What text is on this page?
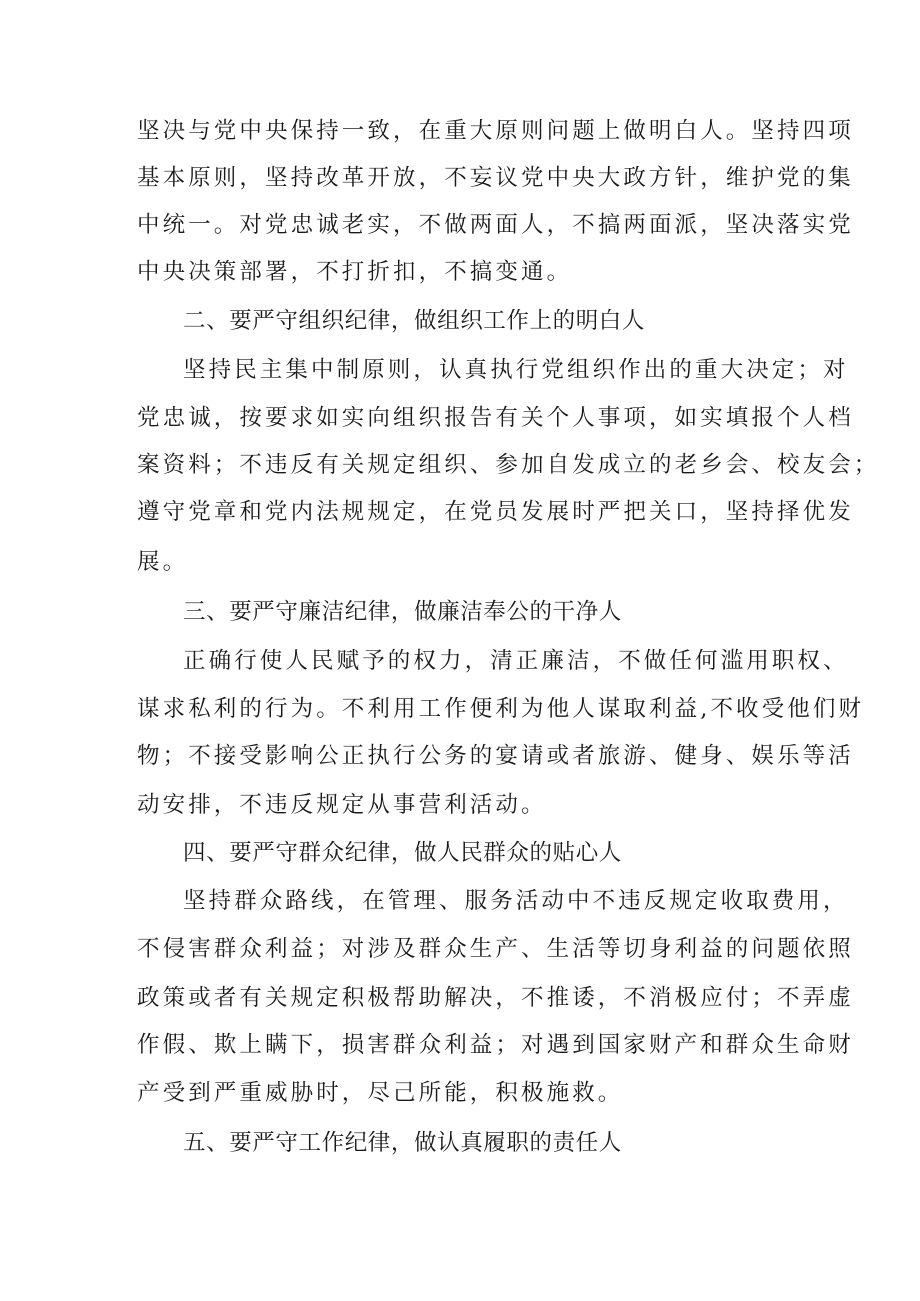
坚决与党中央保持一致，在重大原则问题上做明白人。坚持四项
基本原则，坚持改革开放，不妄议党中央大政方针，维护党的集
中统一。对党忠诚老实，不做两面人，不搞两面派，坚决落实党
中央决策部署，不打折扣，不搞变通。
二、要严守组织纪律，做组织工作上的明白人
坚持民主集中制原则，认真执行党组织作出的重大决定；对
党忠诚，按要求如实向组织报告有关个人事项，如实填报个人档
案资料；不违反有关规定组织、参加自发成立的老乡会、校友会；
遵守党章和党内法规规定，在党员发展时严把关口，坚持择优发
展。
三、要严守廉洁纪律，做廉洁奉公的干净人
正确行使人民赋予的权力，清正廉洁，不做任何滥用职权、
谋求私利的行为。不利用工作便利为他人谋取利益,不收受他们财
物；不接受影响公正执行公务的宴请或者旅游、健身、娱乐等活
动安排，不违反规定从事营利活动。
四、要严守群众纪律，做人民群众的贴心人
坚持群众路线，在管理、服务活动中不违反规定收取费用，
不侵害群众利益；对涉及群众生产、生活等切身利益的问题依照
政策或者有关规定积极帮助解决，不推诿，不消极应付；不弄虚
作假、欺上瞒下，损害群众利益；对遇到国家财产和群众生命财
产受到严重威胁时，尽己所能，积极施救。
五、要严守工作纪律，做认真履职的责任人
